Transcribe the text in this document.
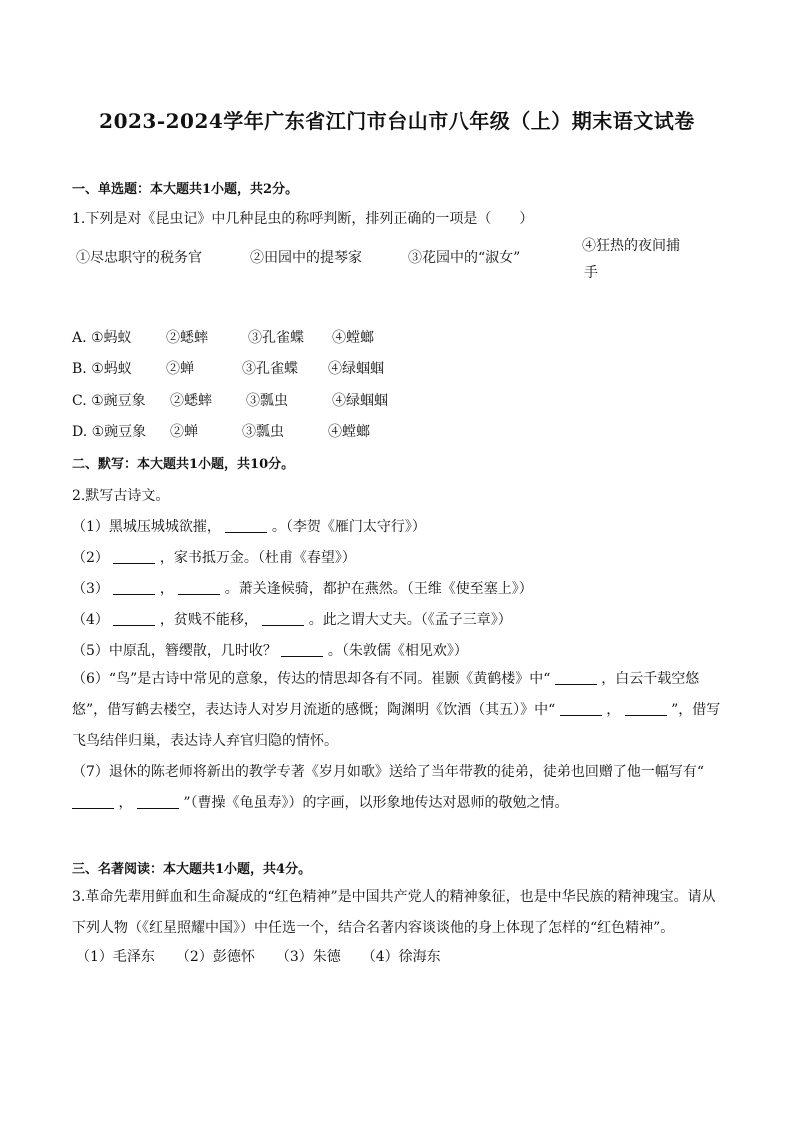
2023-2024学年广东省江门市台山市八年级（上）期末语文试卷
一、单选题：本大题共1小题，共2分。
1.下列是对《昆虫记》中几种昆虫的称呼判断，排列正确的一项是（　　）
①尽忠职守的税务官	②田园中的提琴家	③花园中的“淑女”
④狂热的夜间捕
手
A. ①蚂蚁 ②蟋蟀	③孔雀蝶 ④螳螂
B. ①蚂蚁 ②蝉	③孔雀蝶 ④绿蝈蝈
C. ①豌豆象 ②蟋蟀 ③瓢虫	④绿蝈蝈
D. ①豌豆象 ②蝉	③瓢虫	④螳螂
二、默写：本大题共1小题，共10分。
2.默写古诗文。
（1）黑城压城城欲摧，	。（李贺《雁门太守行》）
（2）	，家书抵万金。（杜甫《春望》）
（3）	，	。萧关逢候骑，都护在燕然。（王维《使至塞上》）
（4）	，贫贱不能移，	。此之谓大丈夫。（《孟子三章》）
（5）中原乱，簪缨散，几时收？	。（朱敦儒《相见欢》）
（6）“鸟”是古诗中常见的意象，传达的情思却各有不同。崔颢《黄鹤楼》中“	，白云千载空悠悠”，借写鹤去楼空，表达诗人对岁月流逝的感慨；陶渊明《饮酒（其五）》中“	，	”，借写飞鸟结伴归巢，表达诗人弃官归隐的情怀。
（7）退休的陈老师将新出的教学专著《岁月如歌》送给了当年带教的徒弟，徒弟也回赠了他一幅写有“  ，	”（曹操《龟虽寿》）的字画，以形象地传达对恩师的敬勉之情。
三、名著阅读：本大题共1小题，共4分。
3.革命先辈用鲜血和生命凝成的“红色精神”是中国共产党人的精神象征，也是中华民族的精神瑰宝。请从下列人物（《红星照耀中国》）中任选一个，结合名著内容谈谈他的身上体现了怎样的“红色精神”。
（1）毛泽东　　（2）彭德怀　　（3）朱德　　（4）徐海东
